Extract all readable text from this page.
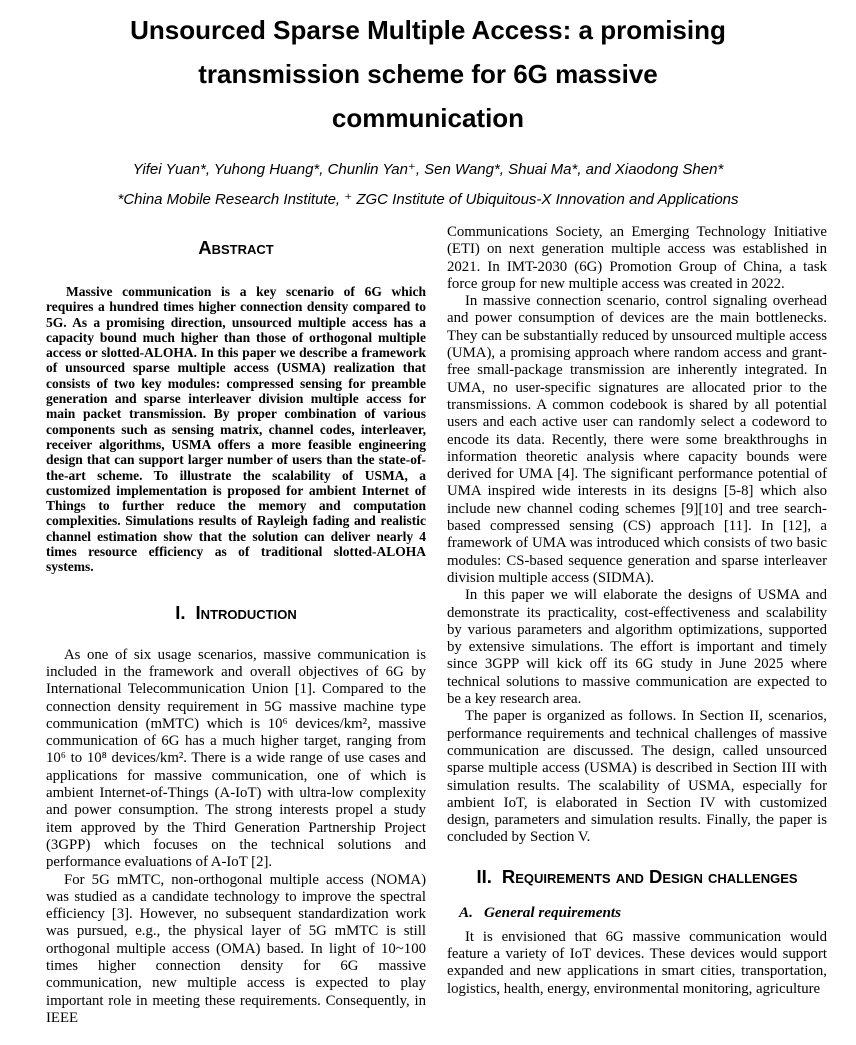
Unsourced Sparse Multiple Access: a promising
transmission scheme for 6G massive
communication

Yifei Yuan*, Yuhong Huang*, Chunlin Yan⁺, Sen Wang*, Shuai Ma*, and Xiaodong Shen*

*China Mobile Research Institute, ⁺ ZGC Institute of Ubiquitous-X Innovation and Applications

Abstract

Massive communication is a key scenario of 6G which requires a hundred times higher connection density compared to 5G. As a promising direction, unsourced multiple access has a capacity bound much higher than those of orthogonal multiple access or slotted-ALOHA. In this paper we describe a framework of unsourced sparse multiple access (USMA) realization that consists of two key modules: compressed sensing for preamble generation and sparse interleaver division multiple access for main packet transmission. By proper combination of various components such as sensing matrix, channel codes, interleaver, receiver algorithms, USMA offers a more feasible engineering design that can support larger number of users than the state-of-the-art scheme. To illustrate the scalability of USMA, a customized implementation is proposed for ambient Internet of Things to further reduce the memory and computation complexities. Simulations results of Rayleigh fading and realistic channel estimation show that the solution can deliver nearly 4 times resource efficiency as of traditional slotted-ALOHA systems.

I. Introduction

As one of six usage scenarios, massive communication is included in the framework and overall objectives of 6G by International Telecommunication Union [1]. Compared to the connection density requirement in 5G massive machine type communication (mMTC) which is 10⁶ devices/km², massive communication of 6G has a much higher target, ranging from 10⁶ to 10⁸ devices/km². There is a wide range of use cases and applications for massive communication, one of which is ambient Internet-of-Things (A-IoT) with ultra-low complexity and power consumption. The strong interests propel a study item approved by the Third Generation Partnership Project (3GPP) which focuses on the technical solutions and performance evaluations of A-IoT [2].

For 5G mMTC, non-orthogonal multiple access (NOMA) was studied as a candidate technology to improve the spectral efficiency [3]. However, no subsequent standardization work was pursued, e.g., the physical layer of 5G mMTC is still orthogonal multiple access (OMA) based. In light of 10~100 times higher connection density for 6G massive communication, new multiple access is expected to play important role in meeting these requirements. Consequently, in IEEE

Communications Society, an Emerging Technology Initiative (ETI) on next generation multiple access was established in 2021. In IMT-2030 (6G) Promotion Group of China, a task force group for new multiple access was created in 2022.

In massive connection scenario, control signaling overhead and power consumption of devices are the main bottlenecks. They can be substantially reduced by unsourced multiple access (UMA), a promising approach where random access and grant-free small-package transmission are inherently integrated. In UMA, no user-specific signatures are allocated prior to the transmissions. A common codebook is shared by all potential users and each active user can randomly select a codeword to encode its data. Recently, there were some breakthroughs in information theoretic analysis where capacity bounds were derived for UMA [4]. The significant performance potential of UMA inspired wide interests in its designs [5-8] which also include new channel coding schemes [9][10] and tree search-based compressed sensing (CS) approach [11]. In [12], a framework of UMA was introduced which consists of two basic modules: CS-based sequence generation and sparse interleaver division multiple access (SIDMA).

In this paper we will elaborate the designs of USMA and demonstrate its practicality, cost-effectiveness and scalability by various parameters and algorithm optimizations, supported by extensive simulations. The effort is important and timely since 3GPP will kick off its 6G study in June 2025 where technical solutions to massive communication are expected to be a key research area.

The paper is organized as follows. In Section II, scenarios, performance requirements and technical challenges of massive communication are discussed. The design, called unsourced sparse multiple access (USMA) is described in Section III with simulation results. The scalability of USMA, especially for ambient IoT, is elaborated in Section IV with customized design, parameters and simulation results. Finally, the paper is concluded by Section V.

II. Requirements and Design challenges
A. General requirements

It is envisioned that 6G massive communication would feature a variety of IoT devices. These devices would support expanded and new applications in smart cities, transportation, logistics, health, energy, environmental monitoring, agriculture
